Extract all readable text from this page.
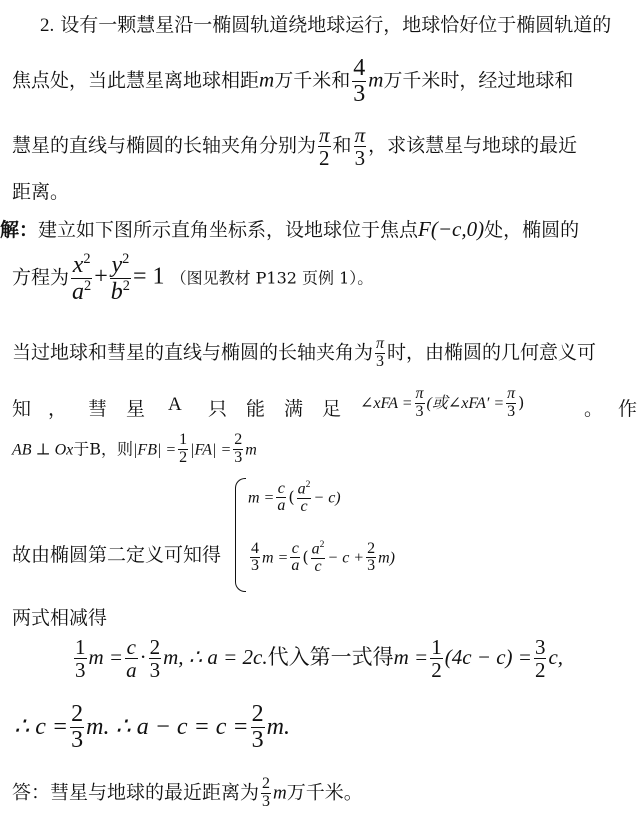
2. 设有一颗慧星沿一椭圆轨道绕地球运行，地球恰好位于椭圆轨道的
焦点处，当此慧星离地球相距m万千米和 $\frac{4}{3}$ m万千米时，经过地球和
慧星的直线与椭圆的长轴夹角分别为 $\frac{\pi}{2}$ 和 $\frac{\pi}{3}$ ，求该慧星与地球的最近
距离。
解：建立如下图所示直角坐标系，设地球位于焦点F(−c,0)处，椭圆的
方程为 $\frac{x^2}{a^2} + \frac{y^2}{b^2} = 1$ （图见教材 P132 页例 1）。
当过地球和彗星的直线与椭圆的长轴夹角为 $\frac{\pi}{3}$ 时，由椭圆的几何意义可
知 ， 彗 星 A 只 能 满 足 ∠xFA = $\frac{\pi}{3}$ (或∠xFA′ = $\frac{\pi}{3}$ )	。 作
AB ⊥ Ox于B，则$|FB| = \frac{1}{2} |FA| = \frac{2}{3}$ m
故由椭圆第二定义可知得
$m = \frac{c}{a}$ ( $\frac{a^2}{c} - c$)
$\frac{4}{3}$ $m = \frac{c}{a}$ ( $\frac{a^2}{c} - c + \frac{2}{3} m$)
两式相减得
$\frac{1}{3}$ $m = \frac{c}{a} \cdot \frac{2}{3} m$, ∴ a = 2c.代入第一式得$m = \frac{1}{2} (4c - c) = \frac{3}{2} c$,
∴ $c = \frac{2}{3} m$. ∴ $a - c = c = \frac{2}{3} m$.
答：彗星与地球的最近距离为 $\frac{2}{3}$ m万千米。
